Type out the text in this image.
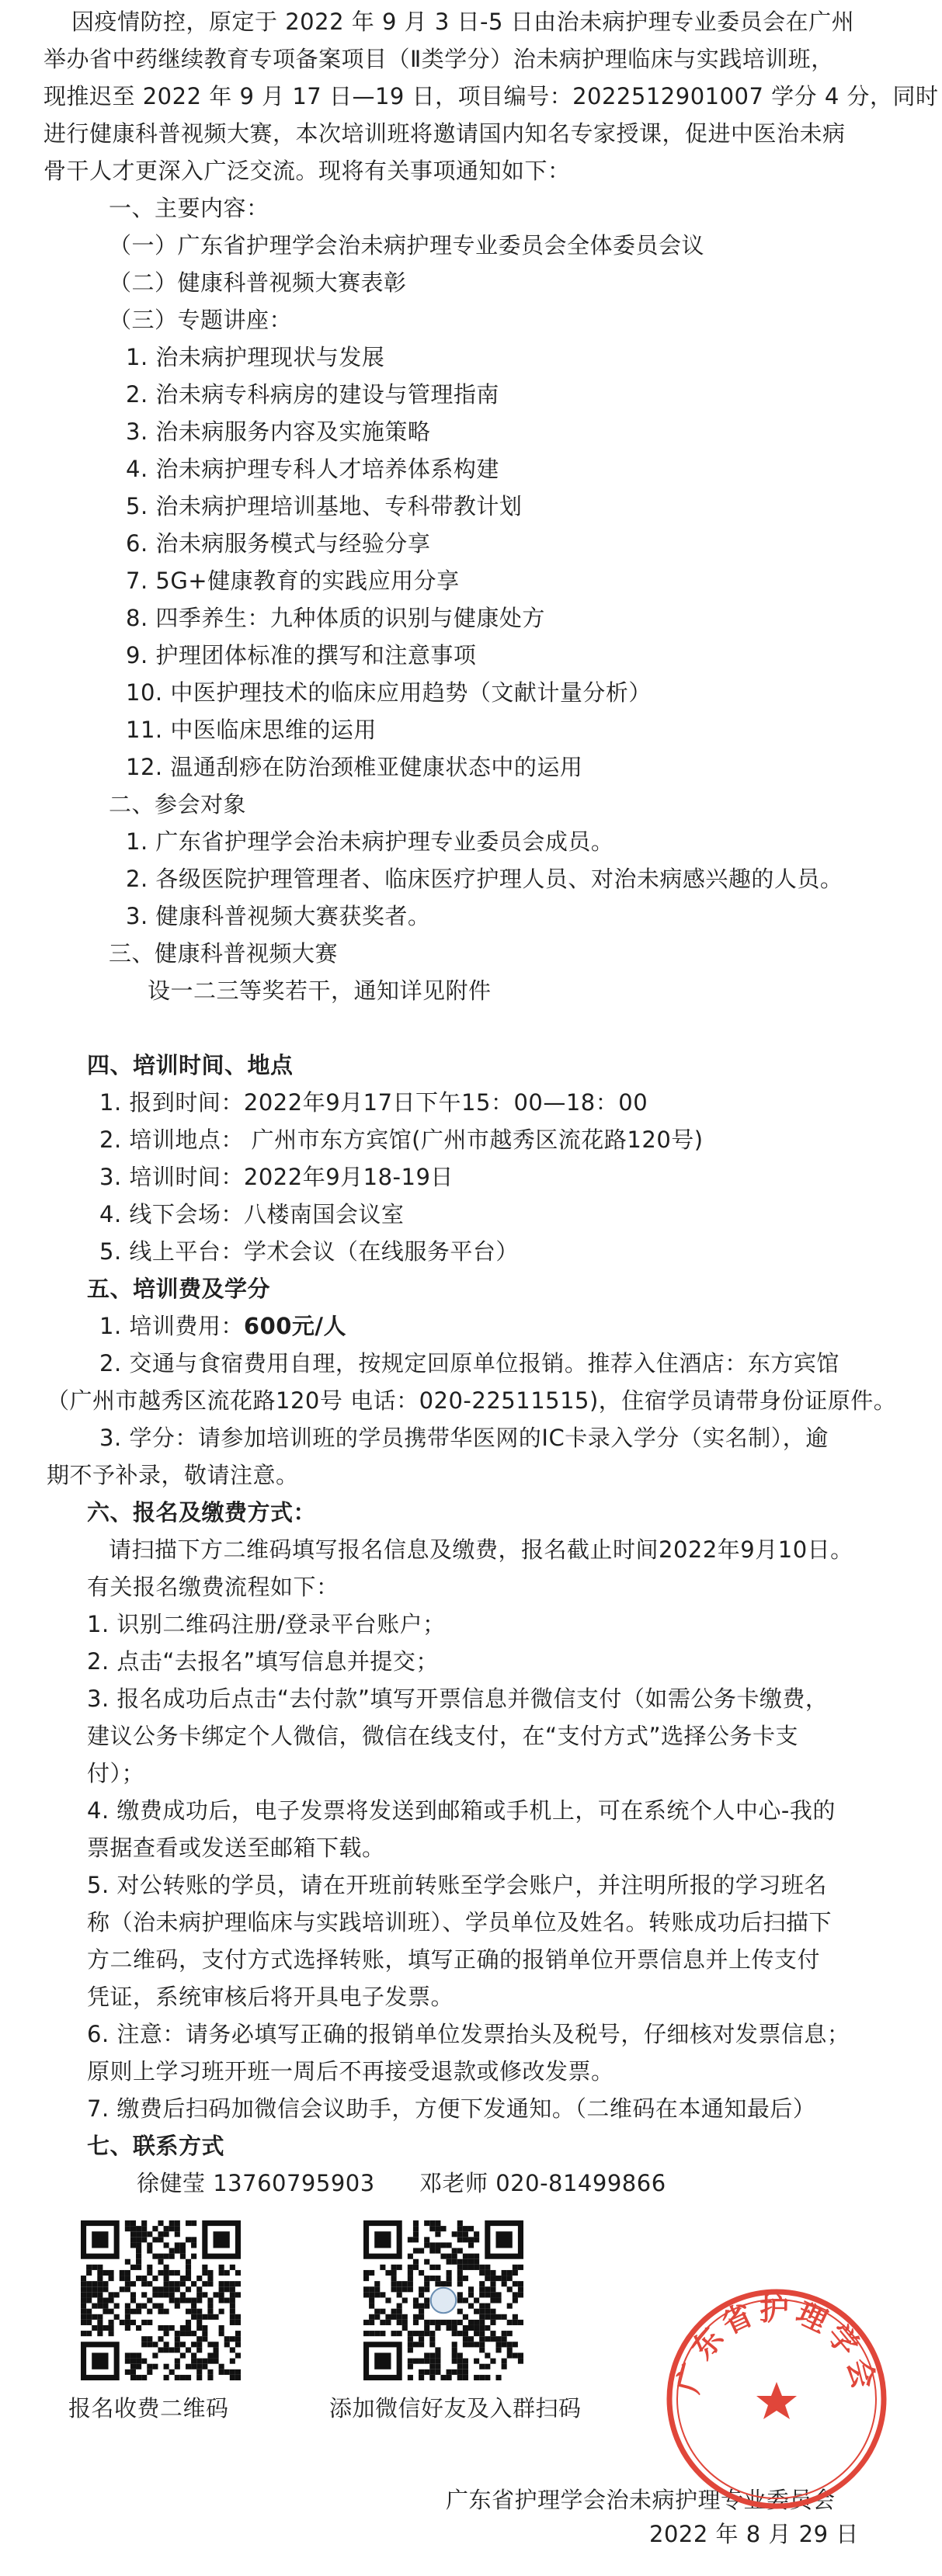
因疫情防控，原定于 2022 年 9 月 3 日-5 日由治未病护理专业委员会在广州
举办省中药继续教育专项备案项目（Ⅱ类学分）治未病护理临床与实践培训班，
现推迟至 2022 年 9 月 17 日—19 日，项目编号：2022512901007 学分 4 分，同时
进行健康科普视频大赛，本次培训班将邀请国内知名专家授课，促进中医治未病
骨干人才更深入广泛交流。现将有关事项通知如下：
一、主要内容：
（一）广东省护理学会治未病护理专业委员会全体委员会议
（二）健康科普视频大赛表彰
（三）专题讲座：
1. 治未病护理现状与发展
2. 治未病专科病房的建设与管理指南
3. 治未病服务内容及实施策略
4. 治未病护理专科人才培养体系构建
5. 治未病护理培训基地、专科带教计划
6. 治未病服务模式与经验分享
7. 5G+健康教育的实践应用分享
8. 四季养生：九种体质的识别与健康处方
9. 护理团体标准的撰写和注意事项
10. 中医护理技术的临床应用趋势（文献计量分析）
11. 中医临床思维的运用
12. 温通刮痧在防治颈椎亚健康状态中的运用
二、参会对象
1. 广东省护理学会治未病护理专业委员会成员。
2. 各级医院护理管理者、临床医疗护理人员、对治未病感兴趣的人员。
3. 健康科普视频大赛获奖者。
三、健康科普视频大赛
设一二三等奖若干，通知详见附件
四、培训时间、地点
1. 报到时间：2022年9月17日下午15：00—18：00
2. 培训地点： 广州市东方宾馆(广州市越秀区流花路120号)
3. 培训时间：2022年9月18-19日
4. 线下会场：八楼南国会议室
5. 线上平台：学术会议（在线服务平台）
五、培训费及学分
1. 培训费用：600元/人
2. 交通与食宿费用自理，按规定回原单位报销。推荐入住酒店：东方宾馆
（广州市越秀区流花路120号 电话：020-22511515)，住宿学员请带身份证原件。
3. 学分：请参加培训班的学员携带华医网的IC卡录入学分（实名制），逾
期不予补录，敬请注意。
六、报名及缴费方式：
请扫描下方二维码填写报名信息及缴费，报名截止时间2022年9月10日。
有关报名缴费流程如下：
1. 识别二维码注册/登录平台账户；
2. 点击“去报名”填写信息并提交；
3. 报名成功后点击“去付款”填写开票信息并微信支付（如需公务卡缴费，
建议公务卡绑定个人微信，微信在线支付，在“支付方式”选择公务卡支
付）；
4. 缴费成功后，电子发票将发送到邮箱或手机上，可在系统个人中心-我的
票据查看或发送至邮箱下载。
5. 对公转账的学员，请在开班前转账至学会账户，并注明所报的学习班名
称（治未病护理临床与实践培训班）、学员单位及姓名。转账成功后扫描下
方二维码，支付方式选择转账，填写正确的报销单位开票信息并上传支付
凭证，系统审核后将开具电子发票。
6. 注意：请务必填写正确的报销单位发票抬头及税号，仔细核对发票信息；
原则上学习班开班一周后不再接受退款或修改发票。
7. 缴费后扫码加微信会议助手，方便下发通知。（二维码在本通知最后）
七、联系方式
徐健莹 13760795903 邓老师 020-81499866
报名收费二维码	添加微信好友及入群扫码
广东省护理学会治未病护理专业委员会
2022 年 8 月 29 日
广东省护理学会
